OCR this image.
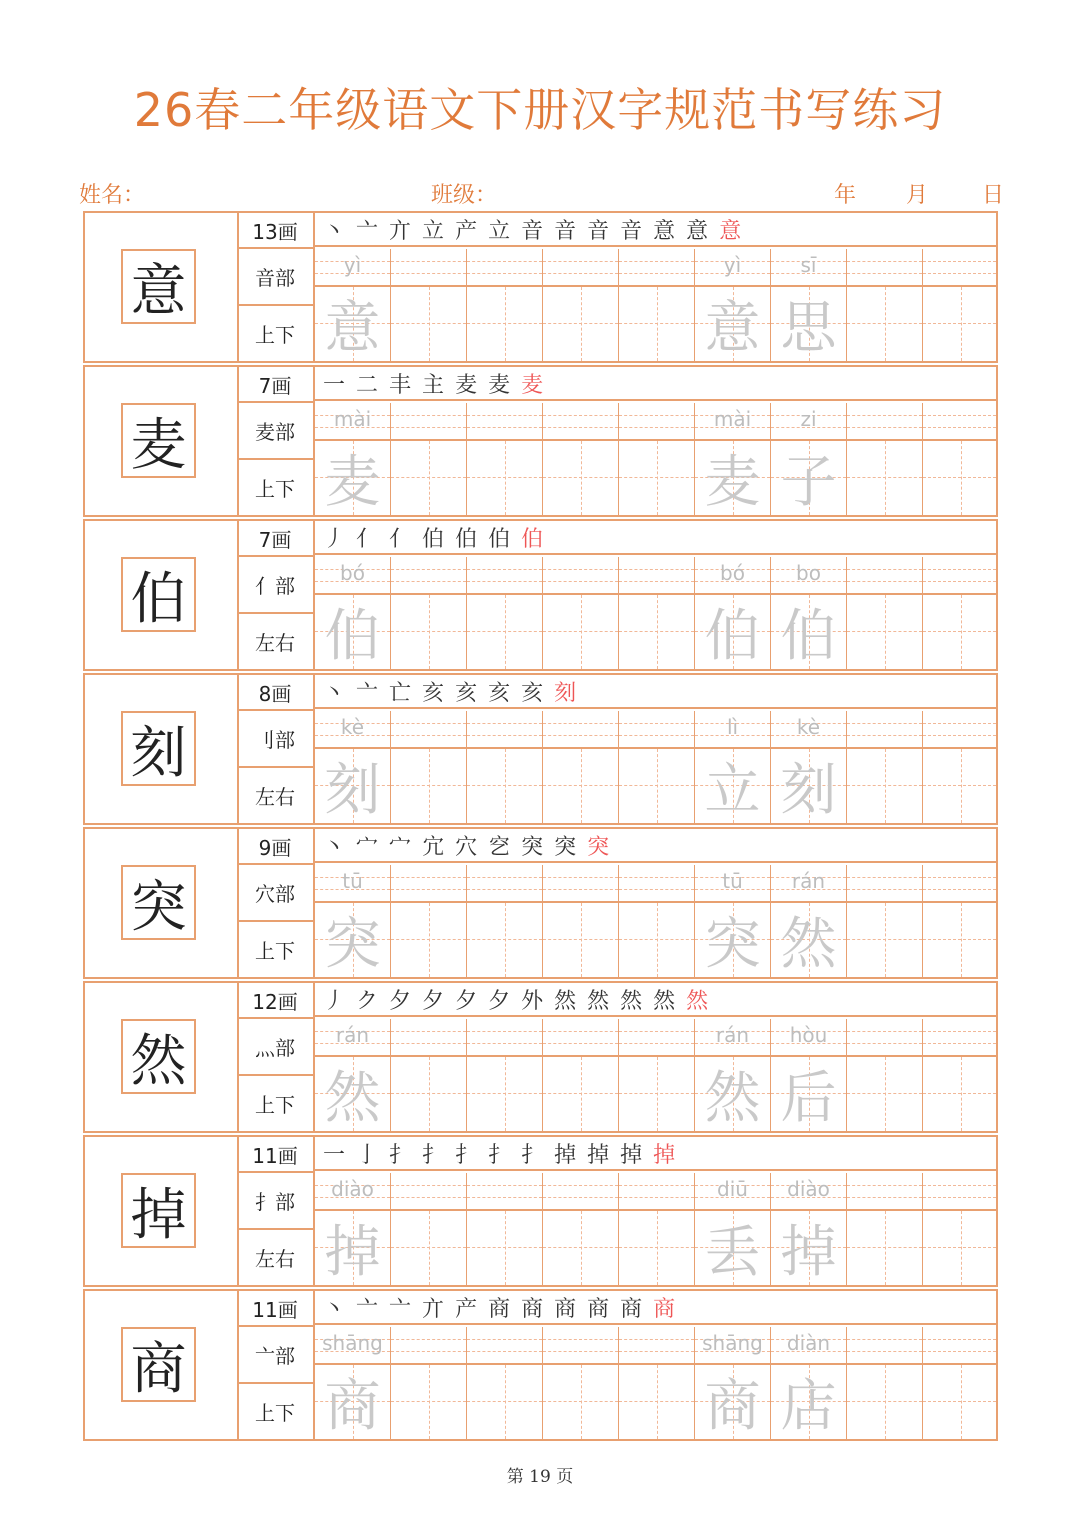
26春二年级语文下册汉字规范书写练习
姓名：	班级：	年 月 日
意
13画
音部
上下
丶 亠 亣 立 产 立 音 音 音 音 意 意 意
yì
意
yì
意
sī
思
麦
7画
麦部
上下
一 二 丰 主 麦 麦 麦
mài
麦
mài
麦
zi
子
伯
7画
亻部
左右
丿 亻 亻 伯 伯 伯 伯
bó
伯
bó
伯
bo
伯
刻
8画
刂部
左右
丶 亠 亡 亥 亥 亥 亥 刻
kè
刻
lì
立
kè
刻
突
9画
穴部
上下
丶 宀 宀 宂 穴 穵 突 突 突
tū
突
tū
突
rán
然
然
12画
灬部
上下
丿 ク 夕 夕 夕 夕 外 然 然 然 然 然
rán
然
rán
然
hòu
后
掉
11画
扌部
左右
一 亅 扌 扌 扌 扌 扌 掉 掉 掉 掉
diào
掉
diū
丢
diào
掉
商
11画
亠部
上下
丶 亠 亠 亣 产 商 商 商 商 商 商
shāng
商
shāng
商
diàn
店
第 19 页
